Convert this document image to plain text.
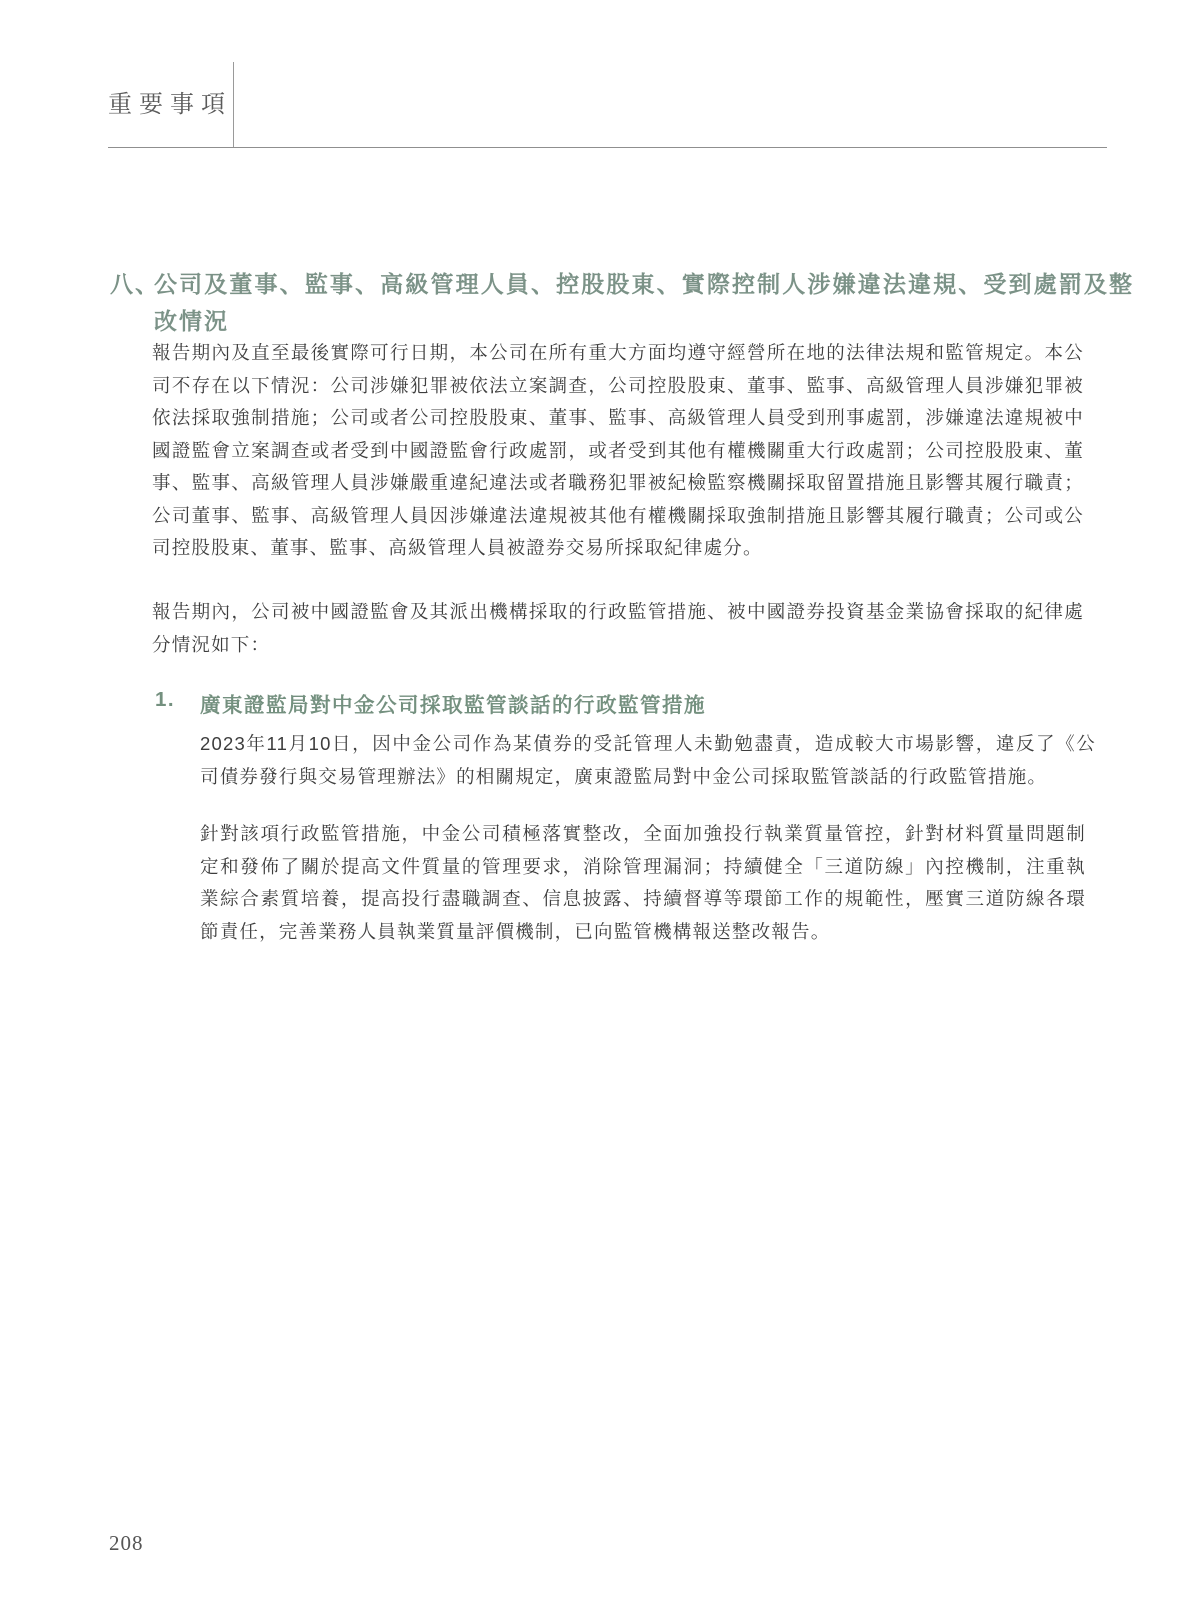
重要事項
八、
公司及董事、監事、高級管理人員、控股股東、實際控制人涉嫌違法違規、受到處罰及整改情況
報告期內及直至最後實際可行日期，本公司在所有重大方面均遵守經營所在地的法律法規和監管規定。本公司不存在以下情況：公司涉嫌犯罪被依法立案調查，公司控股股東、董事、監事、高級管理人員涉嫌犯罪被依法採取強制措施；公司或者公司控股股東、董事、監事、高級管理人員受到刑事處罰，涉嫌違法違規被中國證監會立案調查或者受到中國證監會行政處罰，或者受到其他有權機關重大行政處罰；公司控股股東、董事、監事、高級管理人員涉嫌嚴重違紀違法或者職務犯罪被紀檢監察機關採取留置措施且影響其履行職責；公司董事、監事、高級管理人員因涉嫌違法違規被其他有權機關採取強制措施且影響其履行職責；公司或公司控股股東、董事、監事、高級管理人員被證券交易所採取紀律處分。
報告期內，公司被中國證監會及其派出機構採取的行政監管措施、被中國證券投資基金業協會採取的紀律處分情況如下：
1. 廣東證監局對中金公司採取監管談話的行政監管措施
2023年11月10日，因中金公司作為某債券的受託管理人未勤勉盡責，造成較大市場影響，違反了《公司債券發行與交易管理辦法》的相關規定，廣東證監局對中金公司採取監管談話的行政監管措施。
針對該項行政監管措施，中金公司積極落實整改，全面加強投行執業質量管控，針對材料質量問題制定和發佈了關於提高文件質量的管理要求，消除管理漏洞；持續健全「三道防線」內控機制，注重執業綜合素質培養，提高投行盡職調查、信息披露、持續督導等環節工作的規範性，壓實三道防線各環節責任，完善業務人員執業質量評價機制，已向監管機構報送整改報告。
208
